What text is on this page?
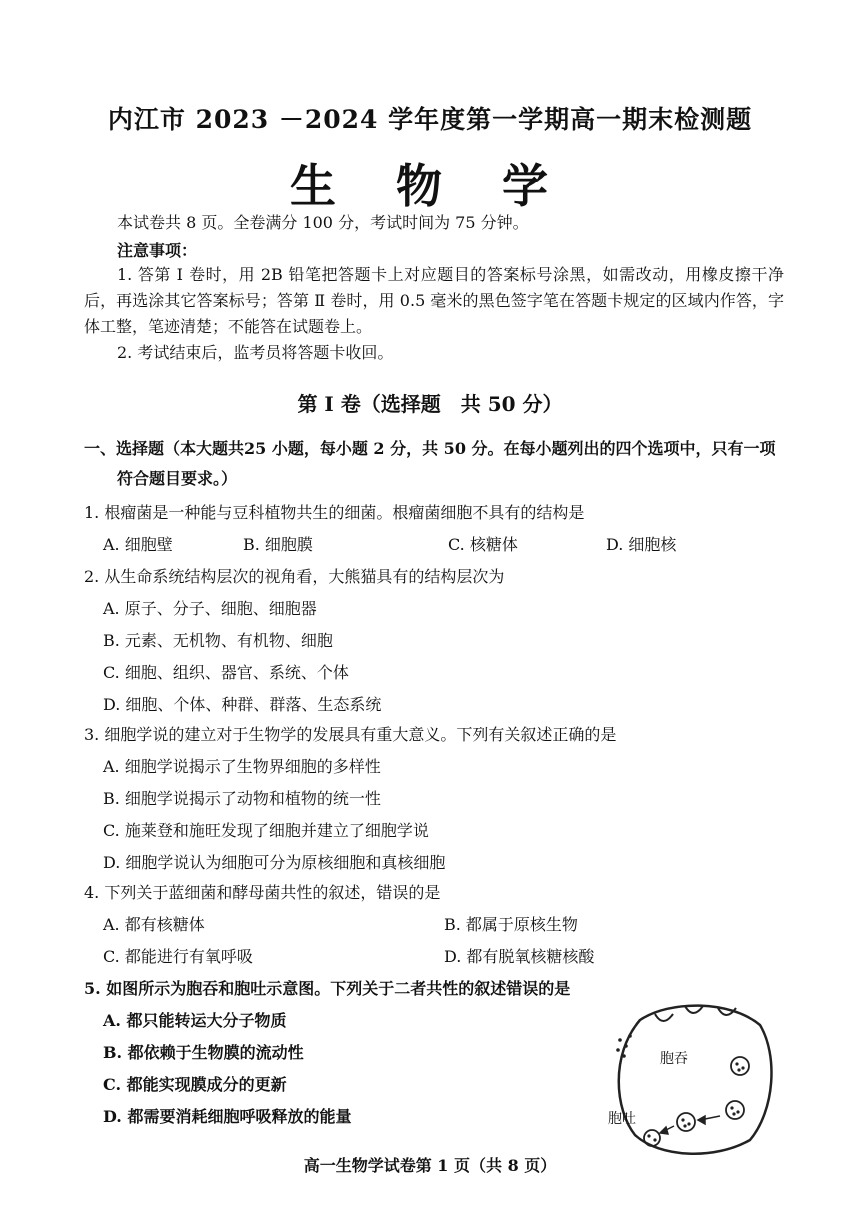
内江市 2023 －2024 学年度第一学期高一期末检测题
生 物 学
本试卷共 8 页。全卷满分 100 分，考试时间为 75 分钟。
注意事项：
1. 答第 Ⅰ 卷时，用 2B 铅笔把答题卡上对应题目的答案标号涂黑，如需改动，用橡皮擦干净后，再选涂其它答案标号；答第 Ⅱ 卷时，用 0.5 毫米的黑色签字笔在答题卡规定的区域内作答，字体工整，笔迹清楚；不能答在试题卷上。
2. 考试结束后，监考员将答题卡收回。
第 Ⅰ 卷（选择题　共 50 分）
一、选择题（本大题共25 小题，每小题 2 分，共 50 分。在每小题列出的四个选项中，只有一项
符合题目要求。）
1. 根瘤菌是一种能与豆科植物共生的细菌。根瘤菌细胞不具有的结构是
A. 细胞壁	B. 细胞膜	C. 核糖体	D. 细胞核
2. 从生命系统结构层次的视角看，大熊猫具有的结构层次为
A. 原子、分子、细胞、细胞器
B. 元素、无机物、有机物、细胞
C. 细胞、组织、器官、系统、个体
D. 细胞、个体、种群、群落、生态系统
3. 细胞学说的建立对于生物学的发展具有重大意义。下列有关叙述正确的是
A. 细胞学说揭示了生物界细胞的多样性
B. 细胞学说揭示了动物和植物的统一性
C. 施莱登和施旺发现了细胞并建立了细胞学说
D. 细胞学说认为细胞可分为原核细胞和真核细胞
4. 下列关于蓝细菌和酵母菌共性的叙述，错误的是
A. 都有核糖体	B. 都属于原核生物
C. 都能进行有氧呼吸	D. 都有脱氧核糖核酸
5. 如图所示为胞吞和胞吐示意图。下列关于二者共性的叙述错误的是
A. 都只能转运大分子物质
B. 都依赖于生物膜的流动性
C. 都能实现膜成分的更新
D. 都需要消耗细胞呼吸释放的能量
胞吞
胞吐
高一生物学试卷第 1 页（共 8 页）
